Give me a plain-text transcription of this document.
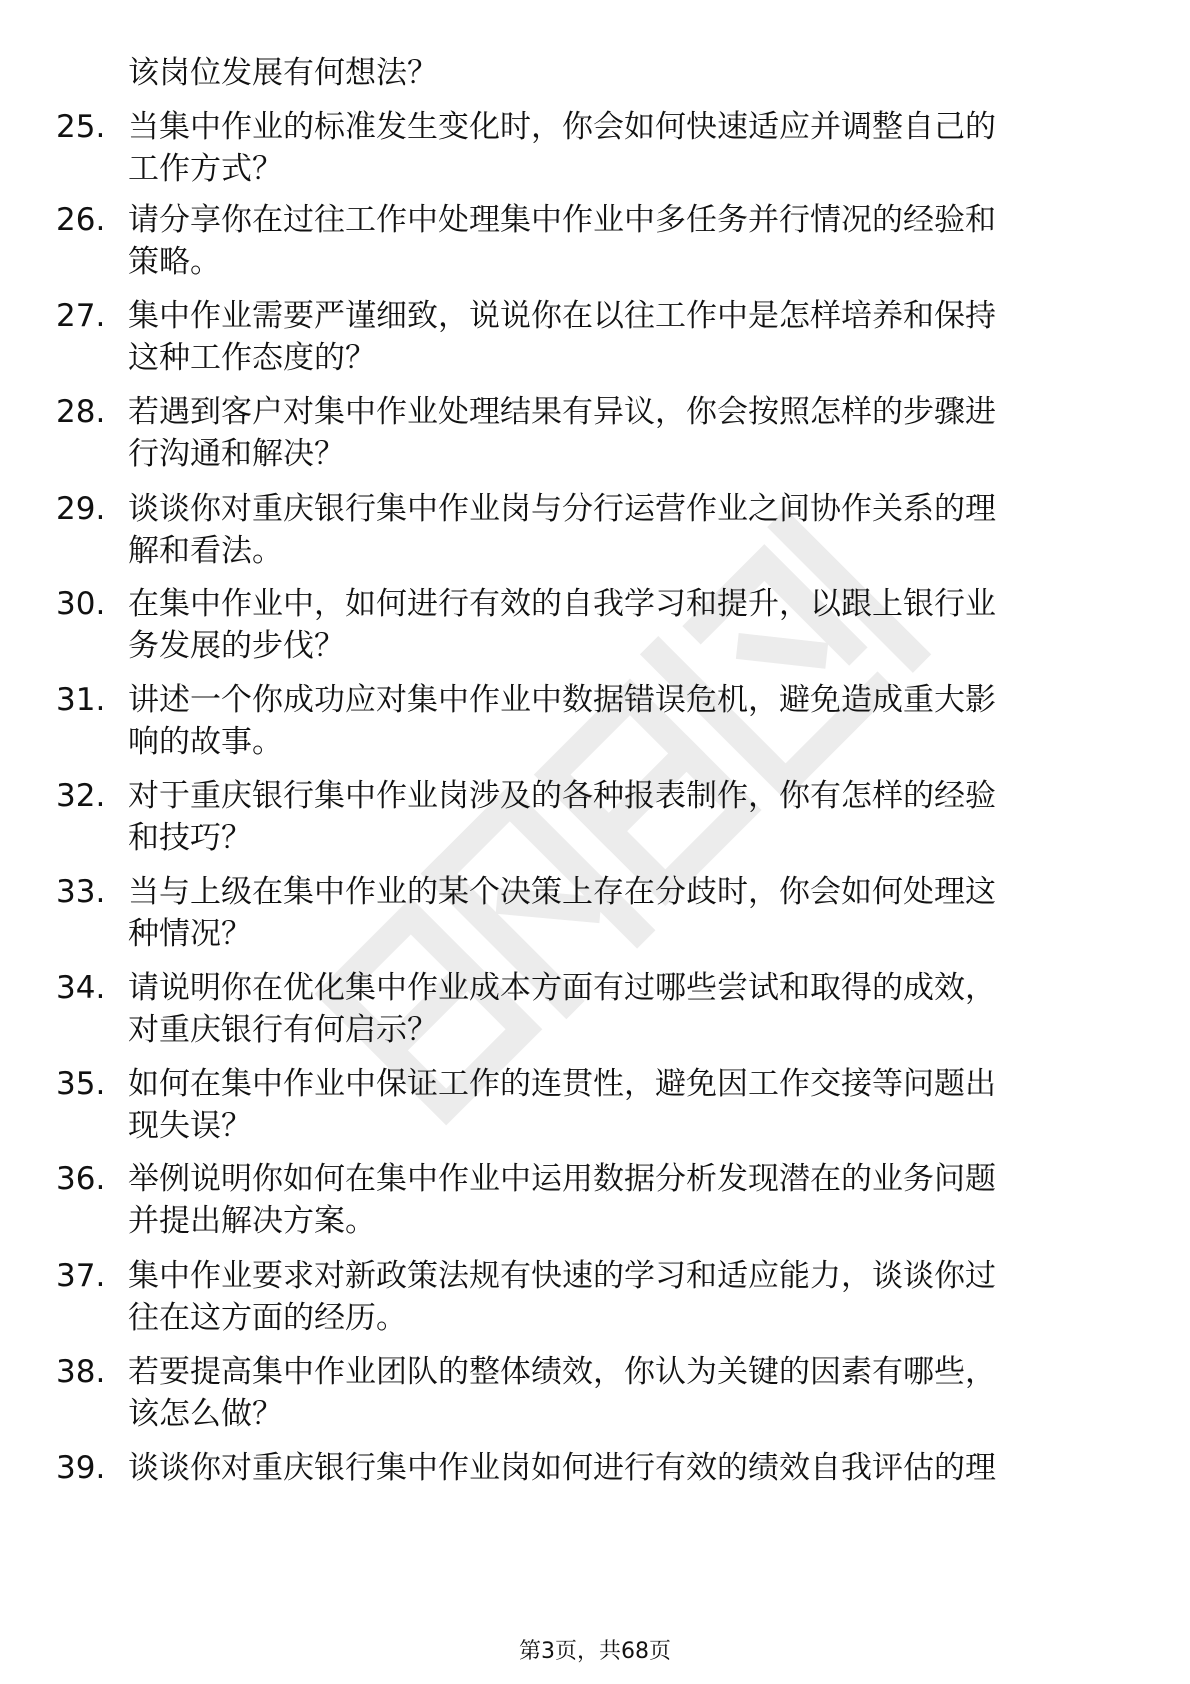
该岗位发展有何想法？
25. 当集中作业的标准发生变化时，你会如何快速适应并调整自己的
工作方式？
26. 请分享你在过往工作中处理集中作业中多任务并行情况的经验和
策略。
27. 集中作业需要严谨细致，说说你在以往工作中是怎样培养和保持
这种工作态度的？
28. 若遇到客户对集中作业处理结果有异议，你会按照怎样的步骤进
行沟通和解决？
29. 谈谈你对重庆银行集中作业岗与分行运营作业之间协作关系的理
解和看法。
30. 在集中作业中，如何进行有效的自我学习和提升，以跟上银行业
务发展的步伐？
31. 讲述一个你成功应对集中作业中数据错误危机，避免造成重大影
响的故事。
32. 对于重庆银行集中作业岗涉及的各种报表制作，你有怎样的经验
和技巧？
33. 当与上级在集中作业的某个决策上存在分歧时，你会如何处理这
种情况？
34. 请说明你在优化集中作业成本方面有过哪些尝试和取得的成效，
对重庆银行有何启示？
35. 如何在集中作业中保证工作的连贯性，避免因工作交接等问题出
现失误？
36. 举例说明你如何在集中作业中运用数据分析发现潜在的业务问题
并提出解决方案。
37. 集中作业要求对新政策法规有快速的学习和适应能力，谈谈你过
往在这方面的经历。
38. 若要提高集中作业团队的整体绩效，你认为关键的因素有哪些，
该怎么做？
39. 谈谈你对重庆银行集中作业岗如何进行有效的绩效自我评估的理
第3页，共68页
